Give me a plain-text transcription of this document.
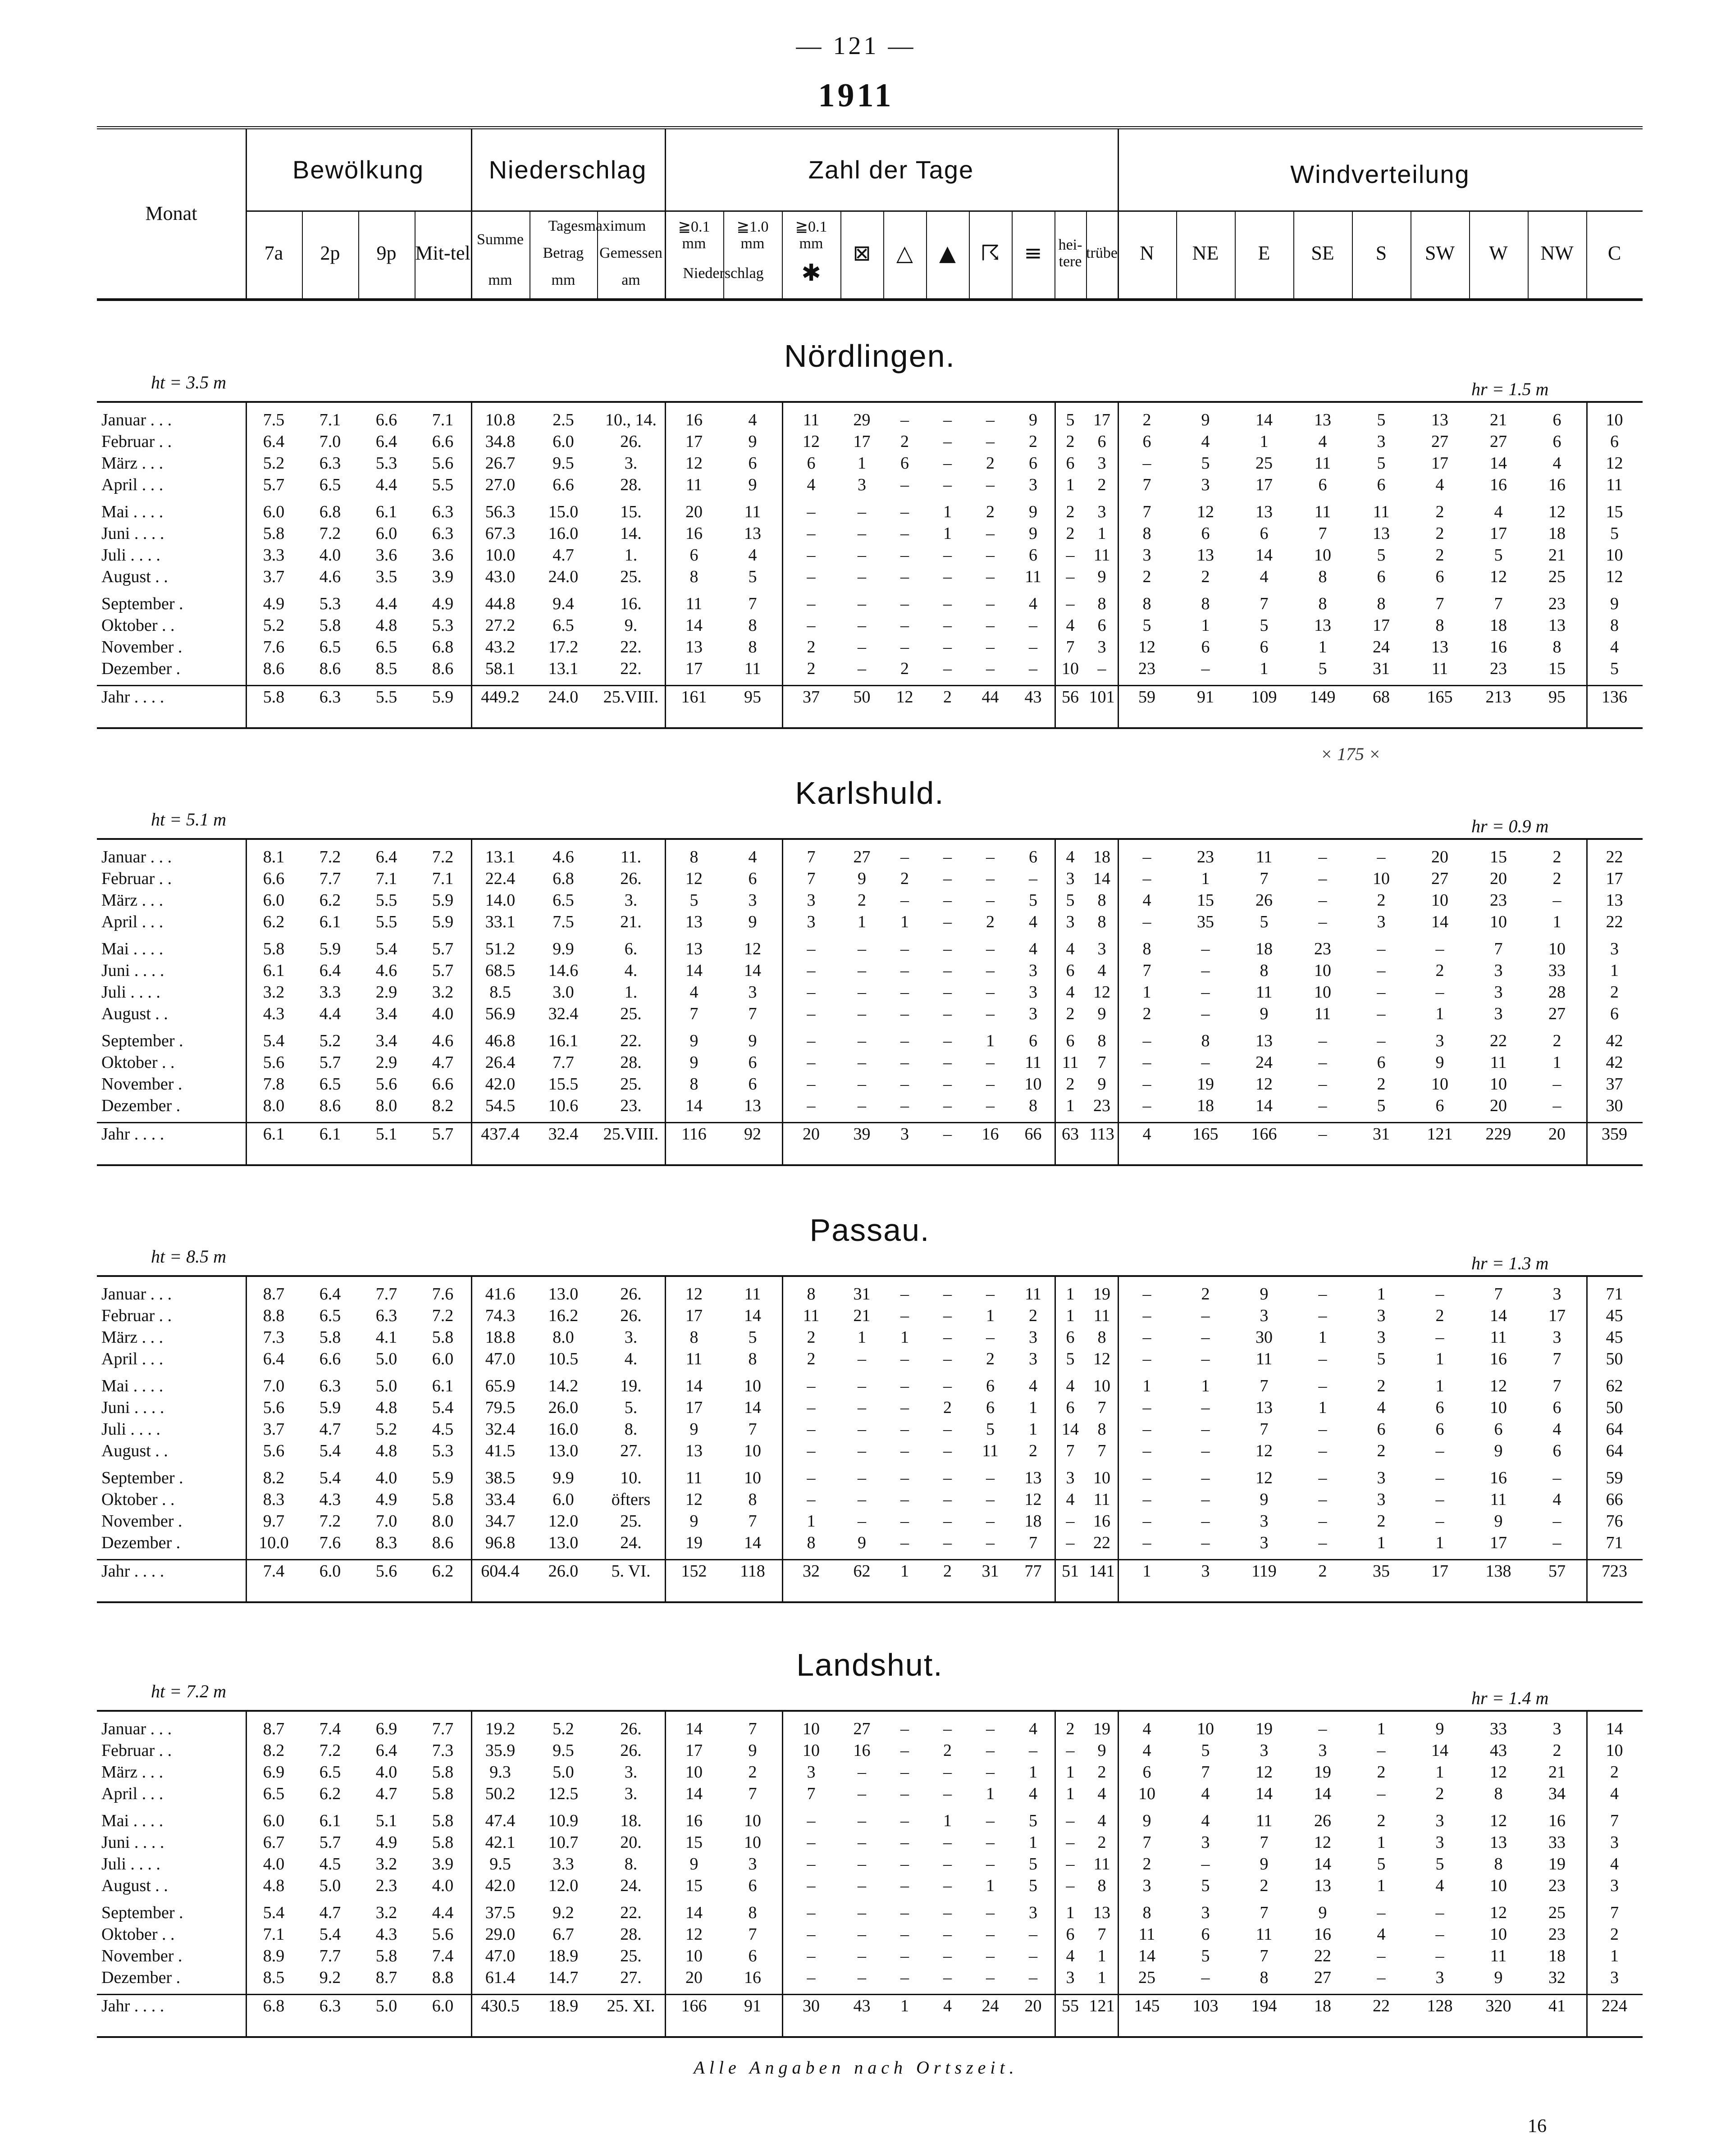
— 121 —
1911
Monat
Bewölkung
7a	2p	9p Mit-tel
Niederschlag
Summe
Tagesmaximum
Betrag	Gemessen
mm	mm	am
Zahl der Tage
≧0.1 mm
≧1.0 mm
Niederschlag
≧0.1 mm
✱
⊠	△	▲	☈	≡	hei-tere
trübe
Windverteilung
N	NE	E	SE	S	SW	W	NW	C
Nördlingen.
ht = 3.5 m	hr = 1.5 m
Januar . . .	7.5	7.1	6.6	7.1	10.8	2.5	10., 14.	16	4	11	29	–	–	–	9	5	17	2	9	14	13	5	13	21	6	10
Februar . .	6.4	7.0	6.4	6.6	34.8	6.0	26.	17	9	12	17	2	–	–	2	2	6	6	4	1	4	3	27	27	6	6
März . . .	5.2	6.3	5.3	5.6	26.7	9.5	3.	12	6	6	1	6	–	2	6	6	3	–	5	25	11	5	17	14	4	12
April . . .	5.7	6.5	4.4	5.5	27.0	6.6	28.	11	9	4	3	–	–	–	3	1	2	7	3	17	6	6	4	16	16	11
Mai . . . .	6.0	6.8	6.1	6.3	56.3	15.0	15.	20	11	–	–	–	1	2	9	2	3	7	12	13	11	11	2	4	12	15
Juni . . . .	5.8	7.2	6.0	6.3	67.3	16.0	14.	16	13	–	–	–	1	–	9	2	1	8	6	6	7	13	2	17	18	5
Juli . . . .	3.3	4.0	3.6	3.6	10.0	4.7	1.	6	4	–	–	–	–	–	6	–	11	3	13	14	10	5	2	5	21	10
August . .	3.7	4.6	3.5	3.9	43.0	24.0	25.	8	5	–	–	–	–	–	11	–	9	2	2	4	8	6	6	12	25	12
September .	4.9	5.3	4.4	4.9	44.8	9.4	16.	11	7	–	–	–	–	–	4	–	8	8	8	7	8	8	7	7	23	9
Oktober . .	5.2	5.8	4.8	5.3	27.2	6.5	9.	14	8	–	–	–	–	–	–	4	6	5	1	5	13	17	8	18	13	8
November .	7.6	6.5	6.5	6.8	43.2	17.2	22.	13	8	2	–	–	–	–	–	7	3	12	6	6	1	24	13	16	8	4
Dezember .	8.6	8.6	8.5	8.6	58.1	13.1	22.	17	11	2	–	2	–	–	–	10	–	23	–	1	5	31	11	23	15	5
Jahr . . . .	5.8	6.3	5.5	5.9	449.2	24.0	25.VIII.	161	95	37	50	12	2	44	43	56 101	59	91	109	149	68	165	213	95	136
Karlshuld.
ht = 5.1 m	hr = 0.9 m
Januar . . .	8.1	7.2	6.4	7.2	13.1	4.6	11.	8	4	7	27	–	–	–	6	4	18	–	23	11	–	–	20	15	2	22
Februar . .	6.6	7.7	7.1	7.1	22.4	6.8	26.	12	6	7	9	2	–	–	–	3	14	–	1	7	–	10	27	20	2	17
März . . .	6.0	6.2	5.5	5.9	14.0	6.5	3.	5	3	3	2	–	–	–	5	5	8	4	15	26	–	2	10	23	–	13
April . . .	6.2	6.1	5.5	5.9	33.1	7.5	21.	13	9	3	1	1	–	2	4	3	8	–	35	5	–	3	14	10	1	22
Mai . . . .	5.8	5.9	5.4	5.7	51.2	9.9	6.	13	12	–	–	–	–	–	4	4	3	8	–	18	23	–	–	7	10	3
Juni . . . .	6.1	6.4	4.6	5.7	68.5	14.6	4.	14	14	–	–	–	–	–	3	6	4	7	–	8	10	–	2	3	33	1
Juli . . . .	3.2	3.3	2.9	3.2	8.5	3.0	1.	4	3	–	–	–	–	–	3	4	12	1	–	11	10	–	–	3	28	2
August . .	4.3	4.4	3.4	4.0	56.9	32.4	25.	7	7	–	–	–	–	–	3	2	9	2	–	9	11	–	1	3	27	6
September .	5.4	5.2	3.4	4.6	46.8	16.1	22.	9	9	–	–	–	–	1	6	6	8	–	8	13	–	–	3	22	2	42
Oktober . .	5.6	5.7	2.9	4.7	26.4	7.7	28.	9	6	–	–	–	–	–	11	11	7	–	–	24	–	6	9	11	1	42
November .	7.8	6.5	5.6	6.6	42.0	15.5	25.	8	6	–	–	–	–	–	10	2	9	–	19	12	–	2	10	10	–	37
Dezember .	8.0	8.6	8.0	8.2	54.5	10.6	23.	14	13	–	–	–	–	–	8	1	23	–	18	14	–	5	6	20	–	30
Jahr . . . .	6.1	6.1	5.1	5.7	437.4	32.4	25.VIII.	116	92	20	39	3	–	16	66	63 113	4	165	166	–	31	121	229	20	359
Passau.
ht = 8.5 m	hr = 1.3 m
Januar . . .	8.7	6.4	7.7	7.6	41.6	13.0	26.	12	11	8	31	–	–	–	11	1	19	–	2	9	–	1	–	7	3	71
Februar . .	8.8	6.5	6.3	7.2	74.3	16.2	26.	17	14	11	21	–	–	1	2	1	11	–	–	3	–	3	2	14	17	45
März . . .	7.3	5.8	4.1	5.8	18.8	8.0	3.	8	5	2	1	1	–	–	3	6	8	–	–	30	1	3	–	11	3	45
April . . .	6.4	6.6	5.0	6.0	47.0	10.5	4.	11	8	2	–	–	–	2	3	5	12	–	–	11	–	5	1	16	7	50
Mai . . . .	7.0	6.3	5.0	6.1	65.9	14.2	19.	14	10	–	–	–	–	6	4	4	10	1	1	7	–	2	1	12	7	62
Juni . . . .	5.6	5.9	4.8	5.4	79.5	26.0	5.	17	14	–	–	–	2	6	1	6	7	–	–	13	1	4	6	10	6	50
Juli . . . .	3.7	4.7	5.2	4.5	32.4	16.0	8.	9	7	–	–	–	–	5	1	14	8	–	–	7	–	6	6	6	4	64
August . .	5.6	5.4	4.8	5.3	41.5	13.0	27.	13	10	–	–	–	–	11	2	7	7	–	–	12	–	2	–	9	6	64
September .	8.2	5.4	4.0	5.9	38.5	9.9	10.	11	10	–	–	–	–	–	13	3	10	–	–	12	–	3	–	16	–	59
Oktober . .	8.3	4.3	4.9	5.8	33.4	6.0	öfters	12	8	–	–	–	–	–	12	4	11	–	–	9	–	3	–	11	4	66
November .	9.7	7.2	7.0	8.0	34.7	12.0	25.	9	7	1	–	–	–	–	18	–	16	–	–	3	–	2	–	9	–	76
Dezember .	10.0	7.6	8.3	8.6	96.8	13.0	24.	19	14	8	9	–	–	–	7	–	22	–	–	3	–	1	1	17	–	71
Jahr . . . .	7.4	6.0	5.6	6.2	604.4	26.0	5. VI.	152	118	32	62	1	2	31	77	51 141	1	3	119	2	35	17	138	57	723
Landshut.
ht = 7.2 m	hr = 1.4 m
Januar . . .	8.7	7.4	6.9	7.7	19.2	5.2	26.	14	7	10	27	–	–	–	4	2	19	4	10	19	–	1	9	33	3	14
Februar . .	8.2	7.2	6.4	7.3	35.9	9.5	26.	17	9	10	16	–	2	–	–	–	9	4	5	3	3	–	14	43	2	10
März . . .	6.9	6.5	4.0	5.8	9.3	5.0	3.	10	2	3	–	–	–	–	1	1	2	6	7	12	19	2	1	12	21	2
April . . .	6.5	6.2	4.7	5.8	50.2	12.5	3.	14	7	7	–	–	–	1	4	1	4	10	4	14	14	–	2	8	34	4
Mai . . . .	6.0	6.1	5.1	5.8	47.4	10.9	18.	16	10	–	–	–	1	–	5	–	4	9	4	11	26	2	3	12	16	7
Juni . . . .	6.7	5.7	4.9	5.8	42.1	10.7	20.	15	10	–	–	–	–	–	1	–	2	7	3	7	12	1	3	13	33	3
Juli . . . .	4.0	4.5	3.2	3.9	9.5	3.3	8.	9	3	–	–	–	–	–	5	–	11	2	–	9	14	5	5	8	19	4
August . .	4.8	5.0	2.3	4.0	42.0	12.0	24.	15	6	–	–	–	–	1	5	–	8	3	5	2	13	1	4	10	23	3
September .	5.4	4.7	3.2	4.4	37.5	9.2	22.	14	8	–	–	–	–	–	3	1	13	8	3	7	9	–	–	12	25	7
Oktober . .	7.1	5.4	4.3	5.6	29.0	6.7	28.	12	7	–	–	–	–	–	–	6	7	11	6	11	16	4	–	10	23	2
November .	8.9	7.7	5.8	7.4	47.0	18.9	25.	10	6	–	–	–	–	–	–	4	1	14	5	7	22	–	–	11	18	1
Dezember .	8.5	9.2	8.7	8.8	61.4	14.7	27.	20	16	–	–	–	–	–	–	3	1	25	–	8	27	–	3	9	32	3
Jahr . . . .	6.8	6.3	5.0	6.0	430.5	18.9	25. XI.	166	91	30	43	1	4	24	20	55 121	145	103	194	18	22	128	320	41	224
× 175 ×
Alle Angaben nach Ortszeit.
16
